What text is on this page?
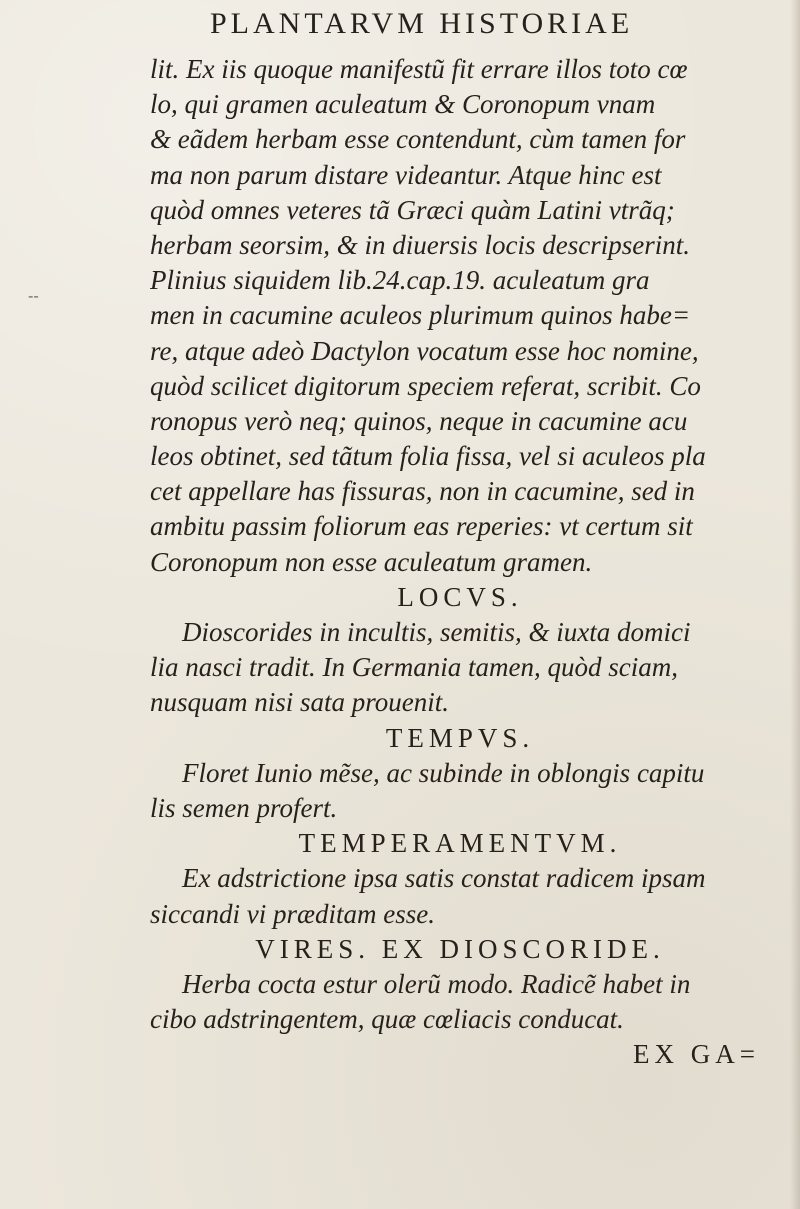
PLANTARVM HISTORIAE
--
lit. Ex iis quoque manifestũ fit errare illos toto cœ
lo, qui gramen aculeatum & Coronopum vnam
& eãdem herbam esse contendunt, cùm tamen for
ma non parum distare videantur. Atque hinc est
quòd omnes veteres tã Græci quàm Latini vtrãq;
herbam seorsim, & in diuersis locis descripserint.
Plinius siquidem lib.24.cap.19. aculeatum gra
men in cacumine aculeos plurimum quinos habe=
re, atque adeò Dactylon vocatum esse hoc nomine,
quòd scilicet digitorum speciem referat, scribit. Co
ronopus verò neq; quinos, neque in cacumine acu
leos obtinet, sed tãtum folia fissa, vel si aculeos pla
cet appellare has fissuras, non in cacumine, sed in
ambitu passim foliorum eas reperies: vt certum sit
Coronopum non esse aculeatum gramen.
LOCVS.
Dioscorides in incultis, semitis, & iuxta domici
lia nasci tradit. In Germania tamen, quòd sciam,
nusquam nisi sata prouenit.
TEMPVS.
Floret Iunio mẽse, ac subinde in oblongis capitu
lis semen profert.
TEMPERAMENTVM.
Ex adstrictione ipsa satis constat radicem ipsam
siccandi vi præditam esse.
VIRES. EX DIOSCORIDE.
Herba cocta estur olerũ modo. Radicẽ habet in
cibo adstringentem, quæ cœliacis conducat.
EX GA=
